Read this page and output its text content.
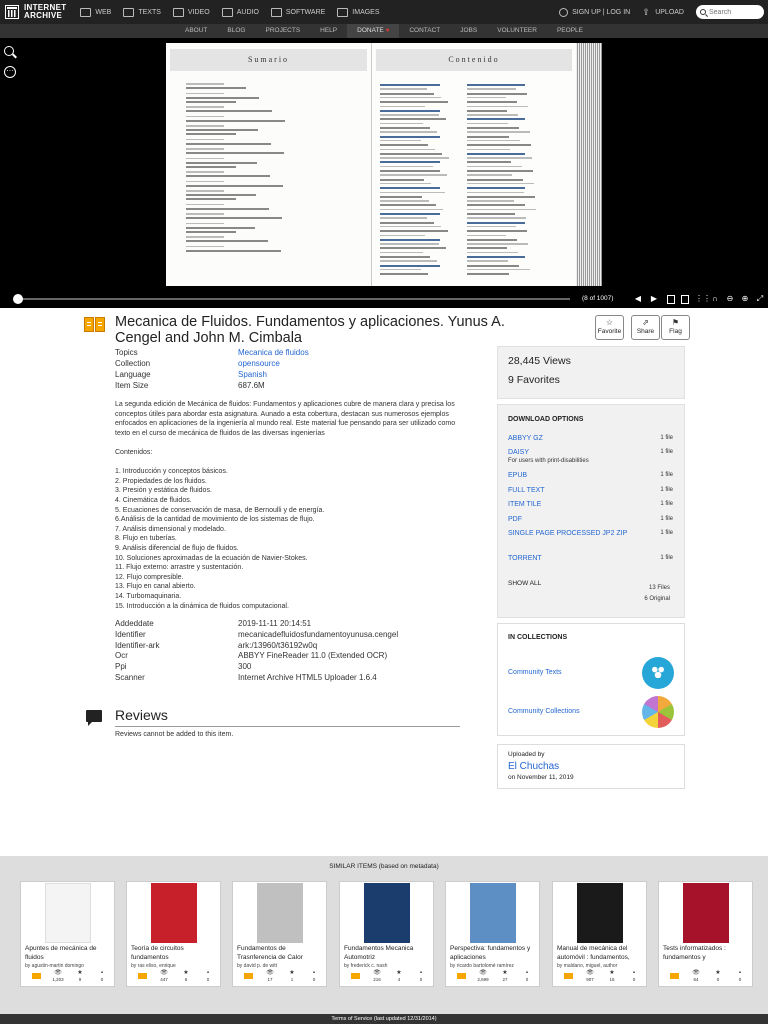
INTERNET
ARCHIVE	WEB	TEXTS	VIDEO	AUDIO	SOFTWARE	IMAGES	SIGN UP | LOG IN ⇪ UPLOAD
Search
ABOUT	BLOG	PROJECTS	HELP	DONATE ♥	CONTACT	JOBS	VOLUNTEER	PEOPLE
···
Sumario	Contenido
(8 of 1007)	◀ ▶	⋮⋮ ∩ ⊖ ⊕ ⤢
Mecanica de Fluidos. Fundamentos y aplicaciones. Yunus A. Cengel and John M. Cimbala
☆
Favorite
⇗
Share
⚑
Flag
Topics	Mecanica de fluidos
Collection	opensource
Language	Spanish
Item Size	687.6M
La segunda edición de Mecánica de fluidos: Fundamentos y aplicaciones cubre de manera clara y precisa los conceptos útiles para abordar esta asignatura. Aunado a esta cobertura, destacan sus numerosos ejemplos enfocados en aplicaciones de la ingeniería al mundo real. Este material fue pensando para ser utilizado como texto en el curso de mecánica de fluidos de las diversas ingenierías
Contenidos:
1. Introducción y conceptos básicos.
2. Propiedades de los fluidos.
3. Presión y estática de fluidos.
4. Cinemática de fluidos.
5. Ecuaciones de conservación de masa, de Bernoulli y de energía.
6.Análisis de la cantidad de movimiento de los sistemas de flujo.
7. Análisis dimensional y modelado.
8. Flujo en tuberías.
9. Análisis diferencial de flujo de fluidos.
10. Soluciones aproximadas de la ecuación de Navier-Stokes.
11. Flujo externo: arrastre y sustentación.
12. Flujo compresible.
13. Flujo en canal abierto.
14. Turbomaquinaria.
15. Introducción a la dinámica de fluidos computacional.
Addeddate	2019-11-11 20:14:51
Identifier	mecanicadefluidosfundamentoyunusa.cengel
Identifier-ark	ark:/13960/t36192w0q
Ocr	ABBYY FineReader 11.0 (Extended OCR)
Ppi	300
Scanner	Internet Archive HTML5 Uploader 1.6.4
Reviews
Reviews cannot be added to this item.
28,445 Views
9 Favorites
DOWNLOAD OPTIONS
ABBYY GZ	1 file
DAISY	1 file
For users with print-disabilities
EPUB	1 file
FULL TEXT	1 file
ITEM TILE	1 file
PDF	1 file
SINGLE PAGE PROCESSED JP2 ZIP	1 file
TORRENT	1 file
SHOW ALL
13 Files
6 Original
IN COLLECTIONS
Community Texts
Community Collections
Uploaded by
El Chuchas
on November 11, 2019
SIMILAR ITEMS (based on metadata)
Apuntes de mecánica de fluidos
by agustin-martin domingo
👁
1,203
★
9
▪
0
Teoría de circuitos fundamentos
by ras eliso, enrique
👁
447
★
6
▪
0
Fundamentos de Trasnferencia de Calor
by david p. de witt
👁
17
★
1
▪
0
Fundamentos Mecanica Automotriz
by frederick c. nash
👁
216
★
4
▪
0
Perspectiva: fundamentos y aplicaciones
by ricardo bartolomé ramírez
👁
2,699
★
27
▪
0
Manual de mecánica del automóvil : fundamentos,
by maldano, miguel, author
👁
907
★
15
▪
0
Tests informatizados : fundamentos y
👁
64
★
0
▪
0
Terms of Service (last updated 12/31/2014)
